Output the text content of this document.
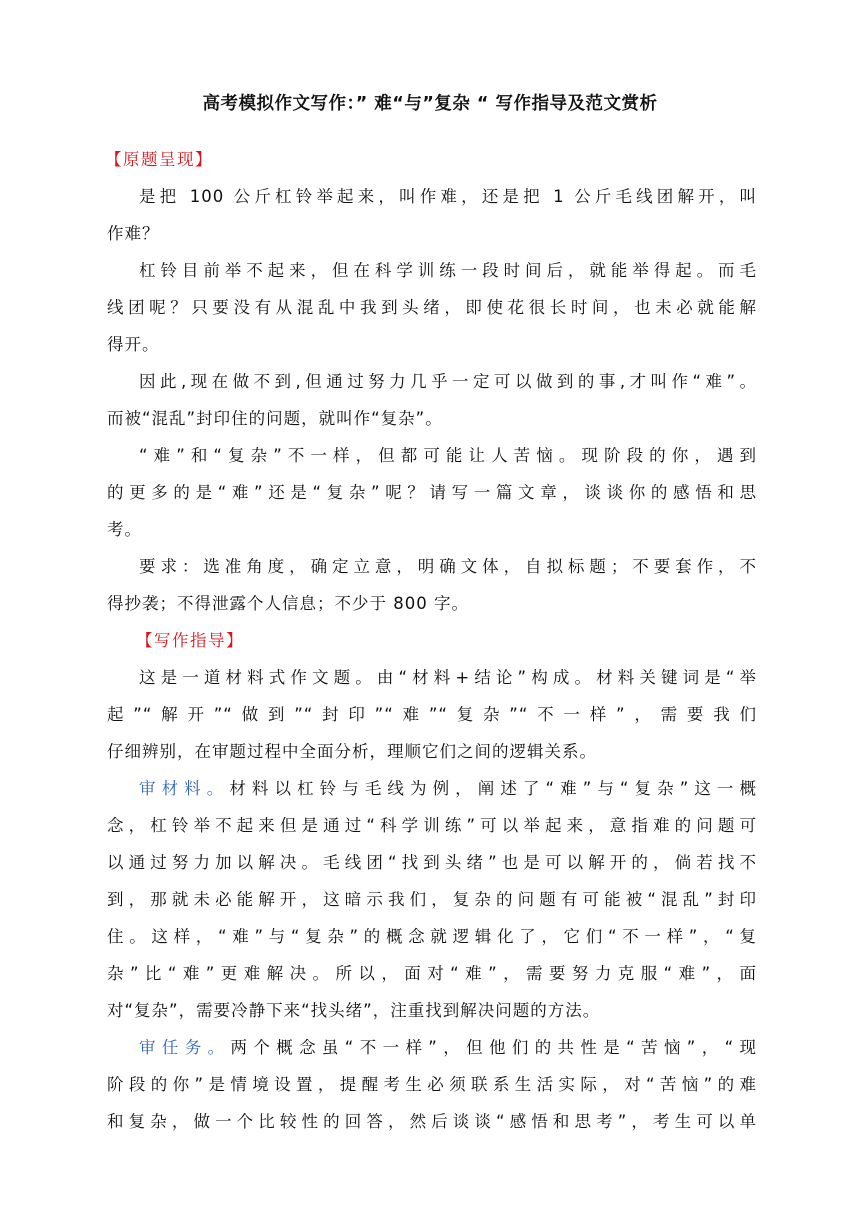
高考模拟作文写作：” 难“与”复杂 “ 写作指导及范文赏析
【原题呈现】
是把 100 公斤杠铃举起来，叫作难，还是把 1 公斤毛线团解开，叫
作难？
杠铃目前举不起来，但在科学训练一段时间后，就能举得起。而毛
线团呢？只要没有从混乱中我到头绪，即使花很长时间，也未必就能解
得开。
因此,现在做不到,但通过努力几乎一定可以做到的事,才叫作“难”。
而被“混乱”封印住的问题，就叫作“复杂”。
“难”和“复杂”不一样，但都可能让人苦恼。现阶段的你，遇到
的更多的是“难”还是“复杂”呢？请写一篇文章，谈谈你的感悟和思
考。
要求：选准角度，确定立意，明确文体，自拟标题；不要套作，不
得抄袭；不得泄露个人信息；不少于 800 字。
【写作指导】
这是一道材料式作文题。由“材料+结论”构成。材料关键词是“举
起”“解开”“做到”“封印”“难”“复杂”“不一样”，需要我们
仔细辨别，在审题过程中全面分析，理顺它们之间的逻辑关系。
审材料。材料以杠铃与毛线为例，阐述了“难”与“复杂”这一概
念，杠铃举不起来但是通过“科学训练”可以举起来，意指难的问题可
以通过努力加以解决。毛线团“找到头绪”也是可以解开的，倘若找不
到，那就未必能解开，这暗示我们，复杂的问题有可能被“混乱”封印
住。这样，“难”与“复杂”的概念就逻辑化了，它们“不一样”，“复
杂”比“难”更难解决。所以，面对“难”，需要努力克服“难”，面
对“复杂”，需要冷静下来“找头绪”，注重找到解决问题的方法。
审任务。两个概念虽“不一样”，但他们的共性是“苦恼”，“现
阶段的你”是情境设置，提醒考生必须联系生活实际，对“苦恼”的难
和复杂，做一个比较性的回答，然后谈谈“感悟和思考”，考生可以单
